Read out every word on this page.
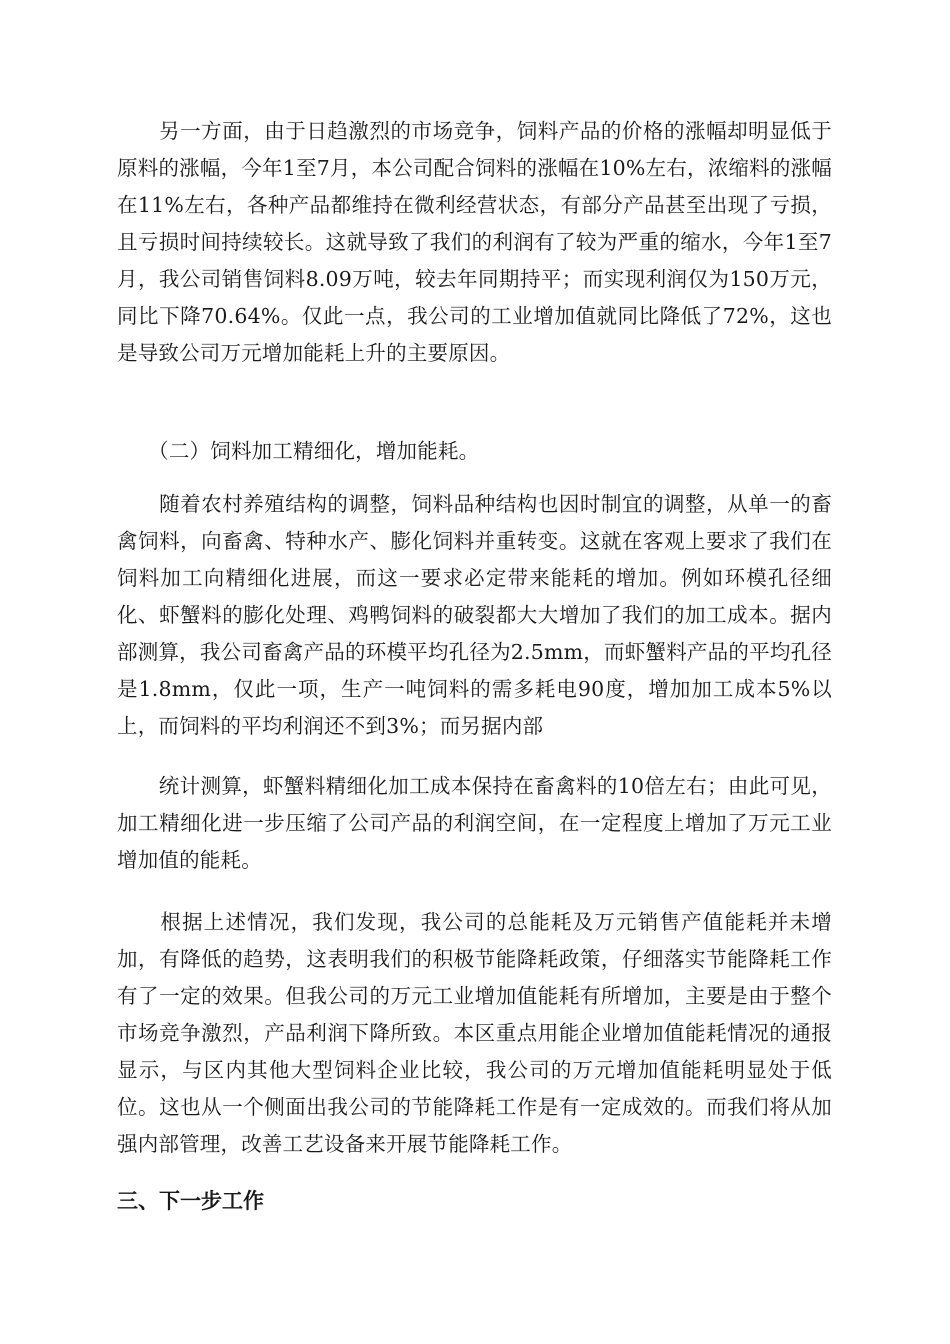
　　另一方面，由于日趋激烈的市场竞争，饲料产品的价格的涨幅却明显低于原料的涨幅，今年1至7月，本公司配合饲料的涨幅在10%左右，浓缩料的涨幅在11%左右，各种产品都维持在微利经营状态，有部分产品甚至出现了亏损，且亏损时间持续较长。这就导致了我们的利润有了较为严重的缩水，今年1至7月，我公司销售饲料8.09万吨，较去年同期持平；而实现利润仅为150万元，同比下降70.64%。仅此一点，我公司的工业增加值就同比降低了72%，这也是导致公司万元增加能耗上升的主要原因。

　　（二）饲料加工精细化，增加能耗。

　　随着农村养殖结构的调整，饲料品种结构也因时制宜的调整，从单一的畜禽饲料，向畜禽、特种水产、膨化饲料并重转变。这就在客观上要求了我们在饲料加工向精细化进展，而这一要求必定带来能耗的增加。例如环模孔径细化、虾蟹料的膨化处理、鸡鸭饲料的破裂都大大增加了我们的加工成本。据内部测算，我公司畜禽产品的环模平均孔径为2.5mm，而虾蟹料产品的平均孔径是1.8mm，仅此一项，生产一吨饲料的需多耗电90度，增加加工成本5%以上，而饲料的平均利润还不到3%；而另据内部

　　统计测算，虾蟹料精细化加工成本保持在畜禽料的10倍左右；由此可见，加工精细化进一步压缩了公司产品的利润空间，在一定程度上增加了万元工业增加值的能耗。

　　根据上述情况，我们发现，我公司的总能耗及万元销售产值能耗并未增加，有降低的趋势，这表明我们的积极节能降耗政策，仔细落实节能降耗工作有了一定的效果。但我公司的万元工业增加值能耗有所增加，主要是由于整个市场竞争激烈，产品利润下降所致。本区重点用能企业增加值能耗情况的通报显示，与区内其他大型饲料企业比较，我公司的万元增加值能耗明显处于低位。这也从一个侧面出我公司的节能降耗工作是有一定成效的。而我们将从加强内部管理，改善工艺设备来开展节能降耗工作。

三、下一步工作
